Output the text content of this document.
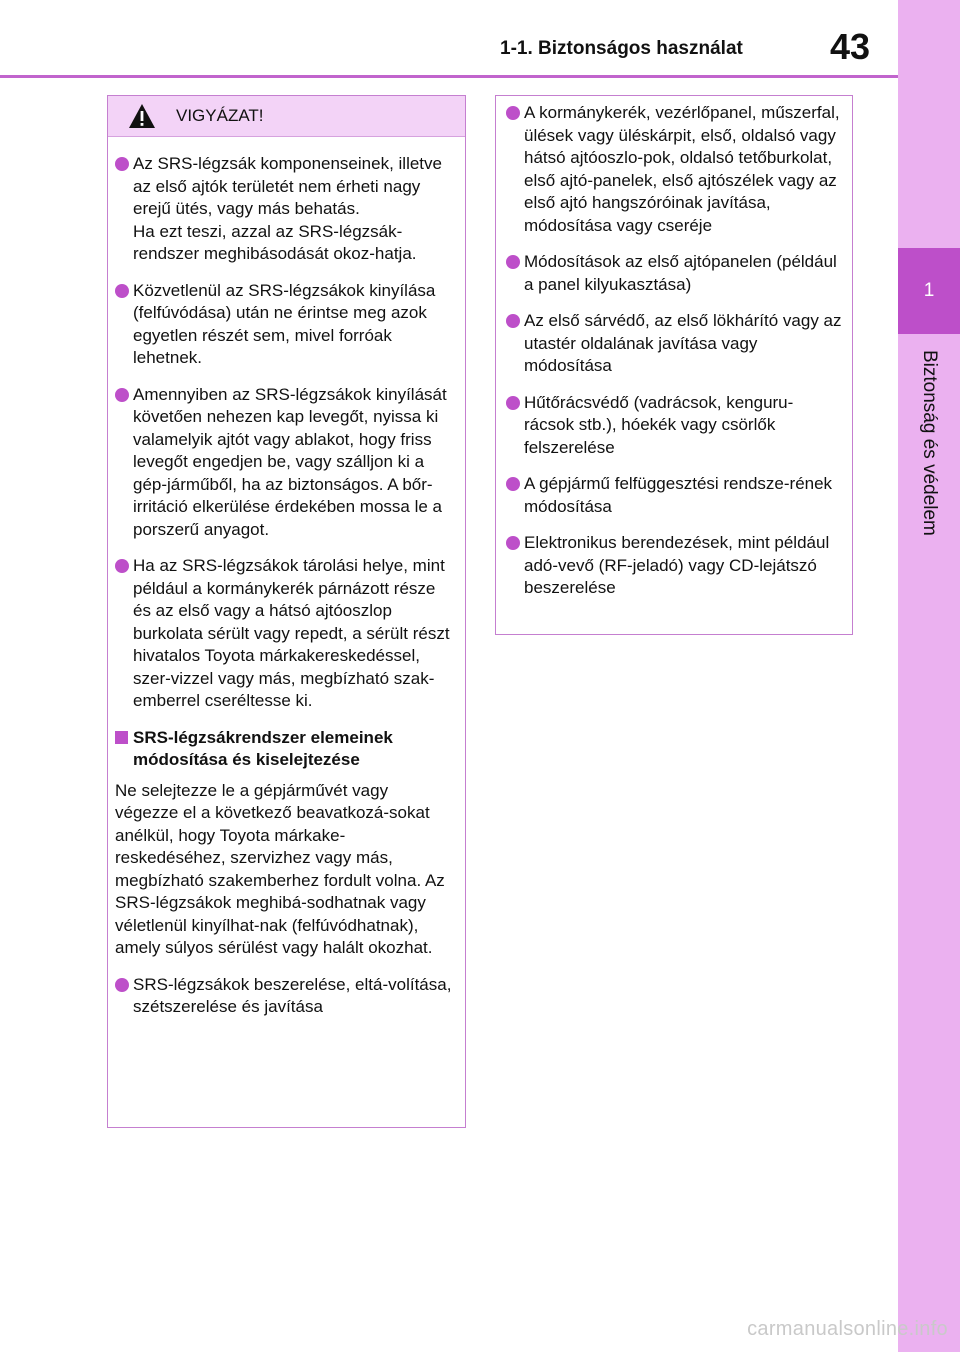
1
Biztonság és védelem
1-1. Biztonságos használat 43
VIGYÁZAT!
Az SRS-légzsák komponenseinek, illetve az első ajtók területét nem érheti nagy erejű ütés, vagy más behatás.
Ha ezt teszi, azzal az SRS-légzsák-rendszer meghibásodását okoz-hatja.
Közvetlenül az SRS-légzsákok kinyílása (felfúvódása) után ne érintse meg azok egyetlen részét sem, mivel forróak lehetnek.
Amennyiben az SRS-légzsákok kinyílását követően nehezen kap levegőt, nyissa ki valamelyik ajtót vagy ablakot, hogy friss levegőt engedjen be, vagy szálljon ki a gép-járműből, ha az biztonságos. A bőr-irritáció elkerülése érdekében mossa le a porszerű anyagot.
Ha az SRS-légzsákok tárolási helye, mint például a kormánykerék párnázott része és az első vagy a hátsó ajtóoszlop burkolata sérült vagy repedt, a sérült részt hivatalos Toyota márkakereskedéssel, szer-vizzel vagy más, megbízható szak-emberrel cseréltesse ki.
SRS-légzsákrendszer elemeinek módosítása és kiselejtezése
Ne selejtezze le a gépjárművét vagy végezze el a következő beavatkozá-sokat anélkül, hogy Toyota márkake-reskedéséhez, szervizhez vagy más, megbízható szakemberhez fordult volna. Az SRS-légzsákok meghibá-sodhatnak vagy véletlenül kinyílhat-nak (felfúvódhatnak), amely súlyos sérülést vagy halált okozhat.
SRS-légzsákok beszerelése, eltá-volítása, szétszerelése és javítása
A kormánykerék, vezérlőpanel, műszerfal, ülések vagy üléskárpit, első, oldalsó vagy hátsó ajtóoszlo-pok, oldalsó tetőburkolat, első ajtó-panelek, első ajtószélek vagy az első ajtó hangszóróinak javítása, módosítása vagy cseréje
Módosítások az első ajtópanelen (például a panel kilyukasztása)
Az első sárvédő, az első lökhárító vagy az utastér oldalának javítása vagy módosítása
Hűtőrácsvédő (vadrácsok, kenguru-rácsok stb.), hóekék vagy csörlők felszerelése
A gépjármű felfüggesztési rendsze-rének módosítása
Elektronikus berendezések, mint például adó-vevő (RF-jeladó) vagy CD-lejátszó beszerelése
carmanualsonline.info
